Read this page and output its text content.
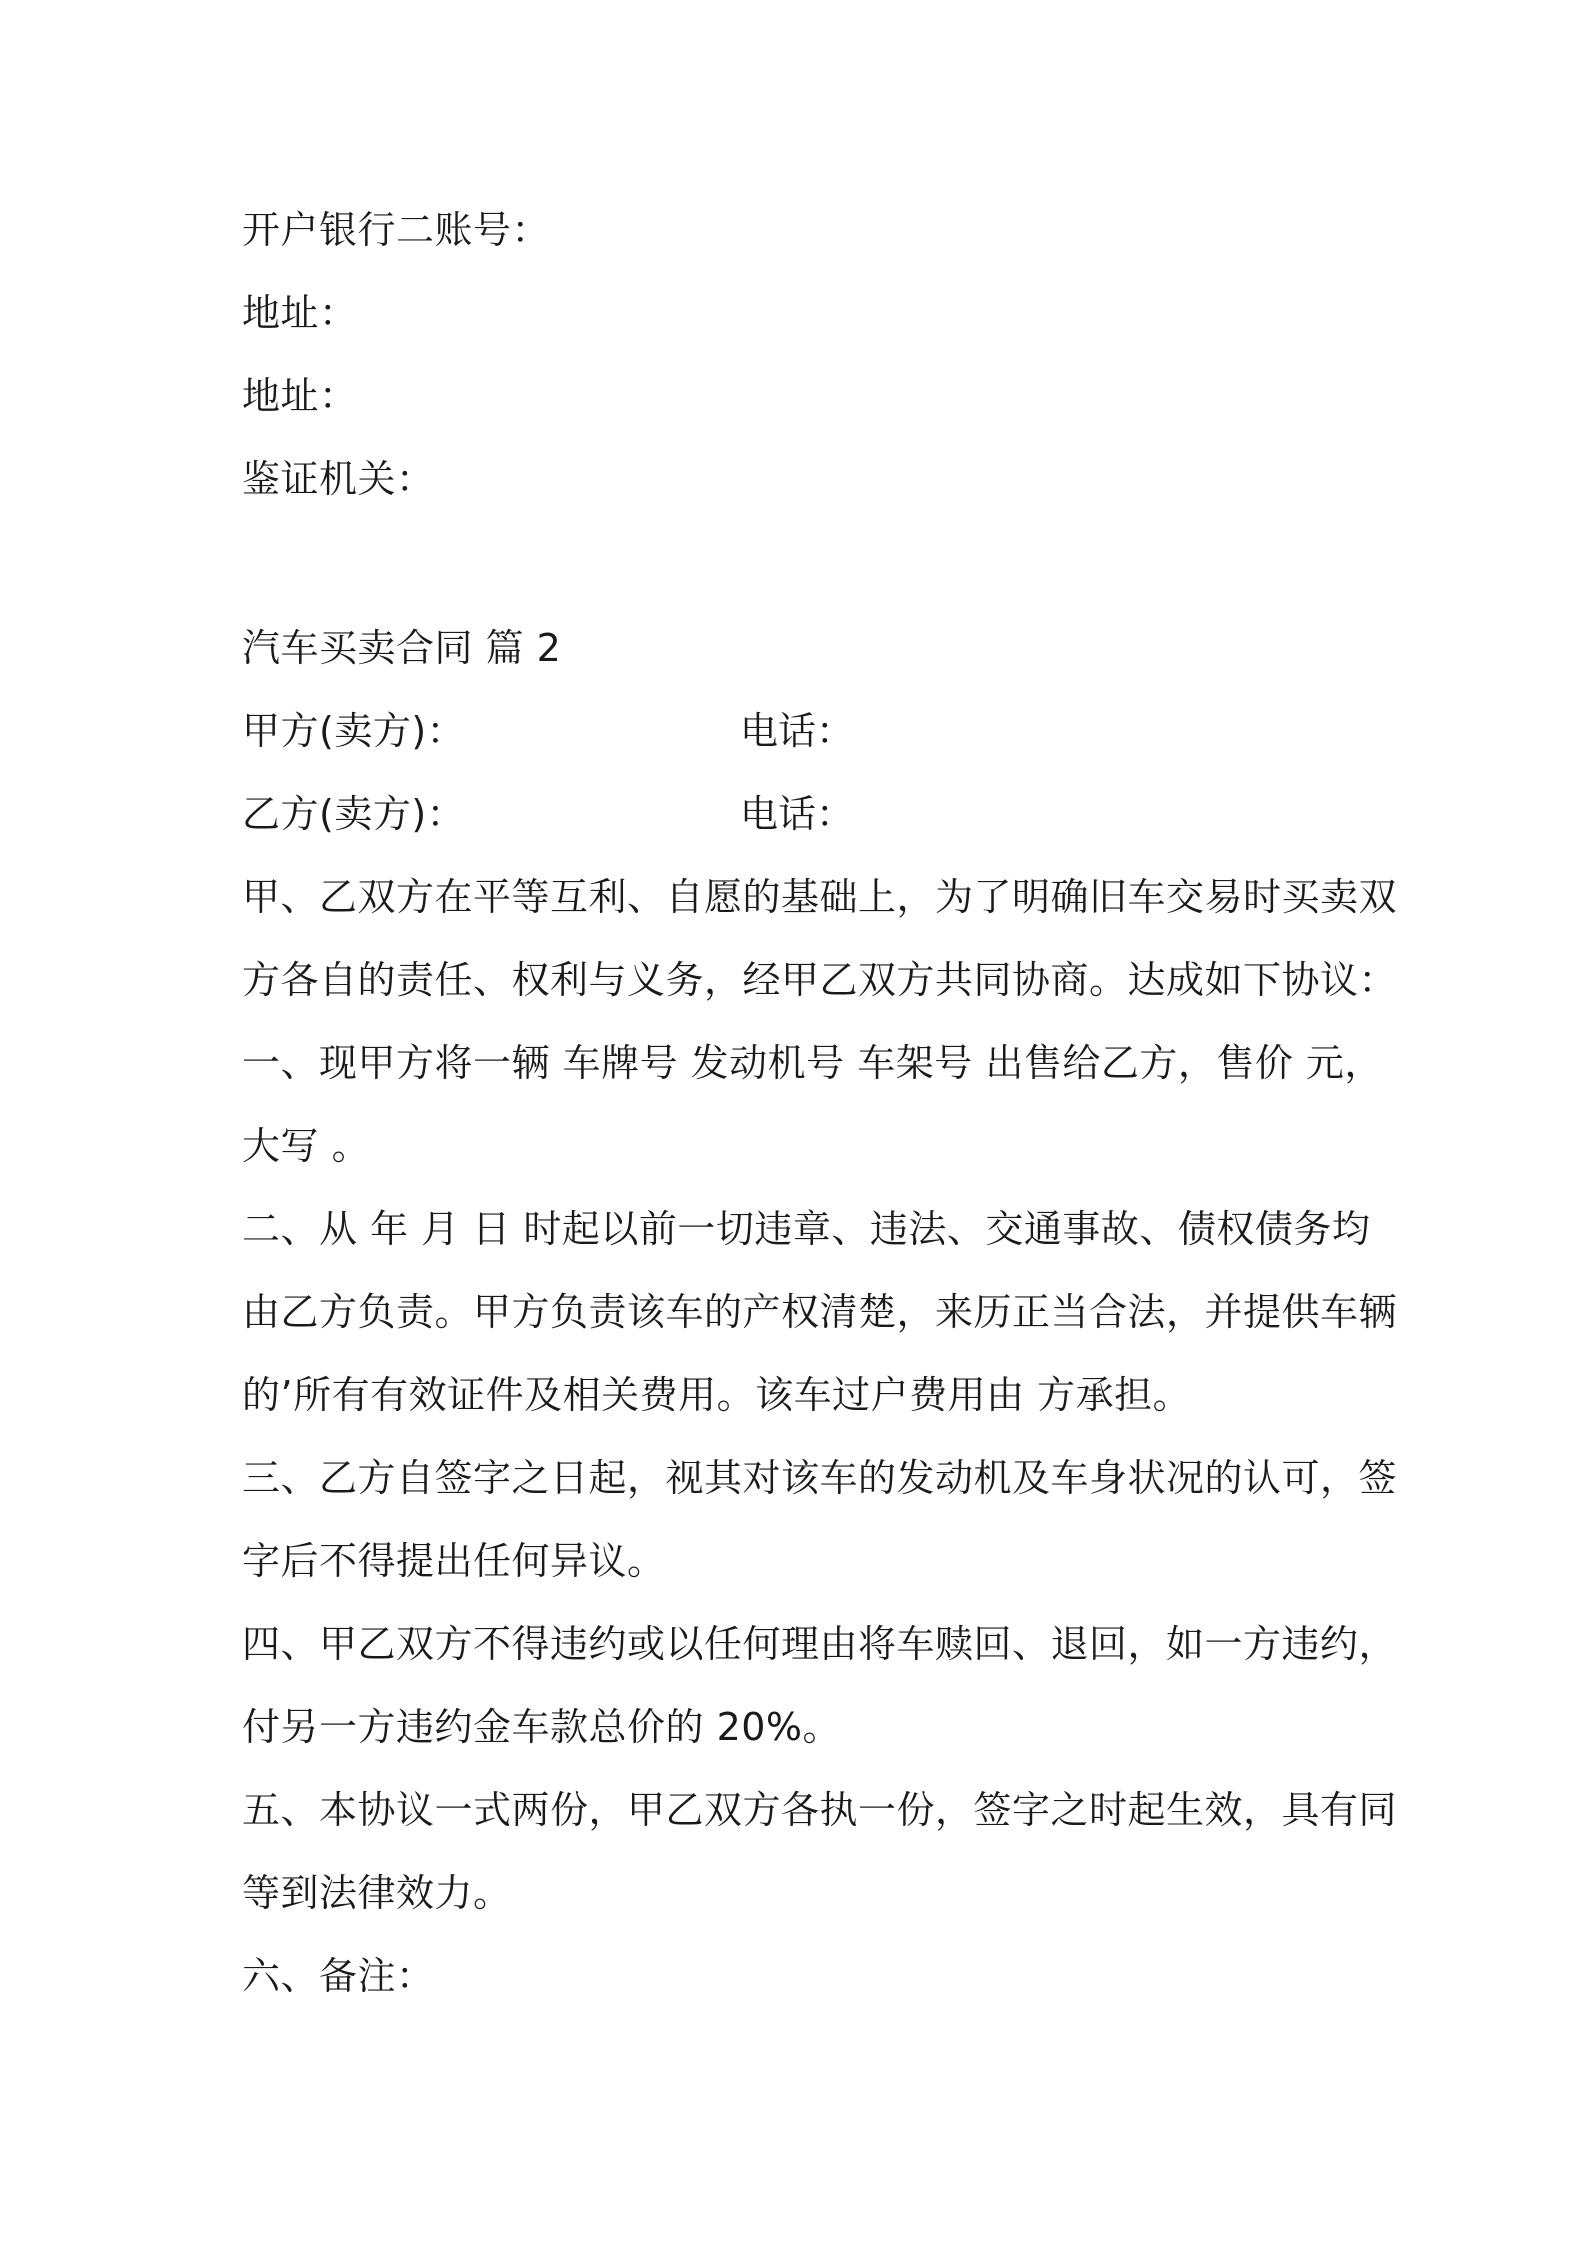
开户银行二账号：
地址：
地址：
鉴证机关：
汽车买卖合同 篇 2
甲方(卖方)：	电话：
乙方(卖方)：	电话：
甲、乙双方在平等互利、自愿的基础上，为了明确旧车交易时买卖双
方各自的责任、权利与义务，经甲乙双方共同协商。达成如下协议：
一、现甲方将一辆 车牌号 发动机号 车架号 出售给乙方，售价 元，
大写 。
二、从 年 月 日 时起以前一切违章、违法、交通事故、债权债务均
由乙方负责。甲方负责该车的产权清楚，来历正当合法，并提供车辆
的’所有有效证件及相关费用。该车过户费用由 方承担。
三、乙方自签字之日起，视其对该车的发动机及车身状况的认可，签
字后不得提出任何异议。
四、甲乙双方不得违约或以任何理由将车赎回、退回，如一方违约，
付另一方违约金车款总价的 20%。
五、本协议一式两份，甲乙双方各执一份，签字之时起生效，具有同
等到法律效力。
六、备注：
